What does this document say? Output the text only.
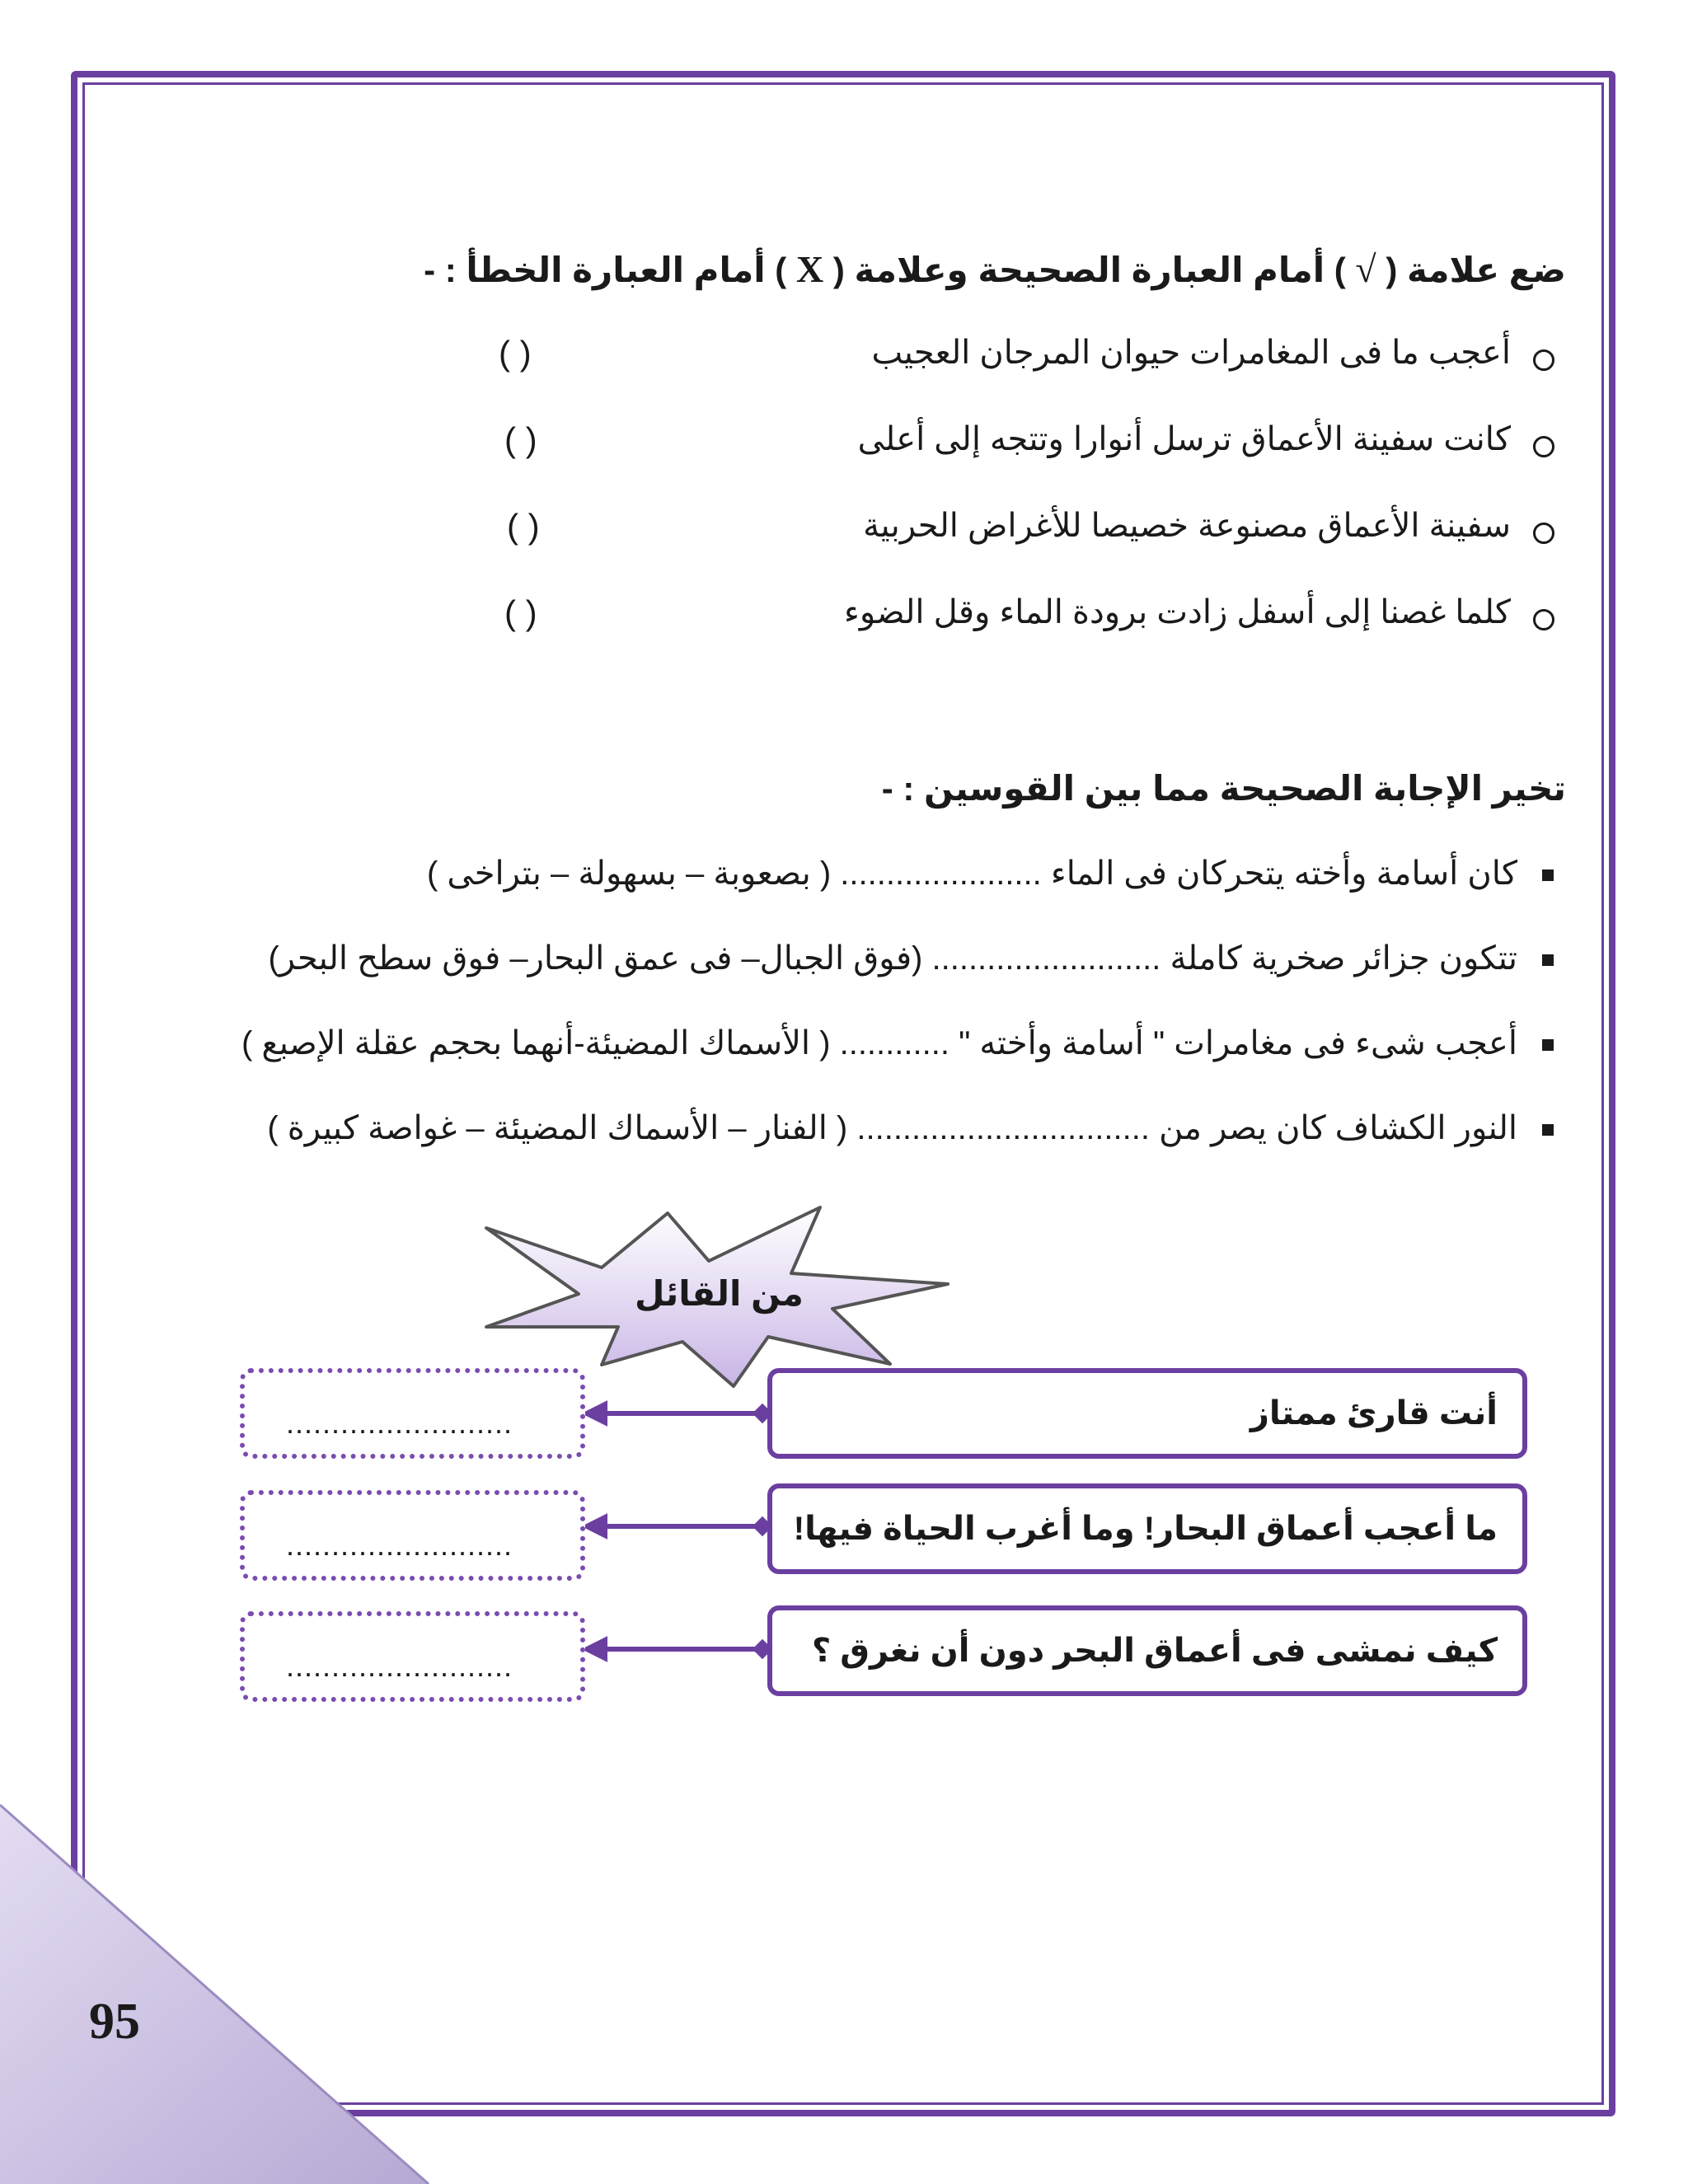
ضع علامة ( √ ) أمام العبارة الصحيحة وعلامة ( X ) أمام العبارة الخطأ : -
أعجب ما فى المغامرات حيوان المرجان العجيب
( )
كانت سفينة الأعماق ترسل أنوارا وتتجه إلى أعلى
( )
سفينة الأعماق مصنوعة خصيصا للأغراض الحربية
( )
كلما غصنا إلى أسفل زادت برودة الماء وقل الضوء
( )
تخير الإجابة الصحيحة مما بين القوسين : -
كان أسامة وأخته يتحركان فى الماء ...................... ( بصعوبة – بسهولة – بتراخى )
تتكون جزائر صخرية كاملة ......................... (فوق الجبال– فى عمق البحار– فوق سطح البحر)
أعجب شىء فى مغامرات " أسامة وأخته " ............ ( الأسماك المضيئة-أنهما بحجم عقلة الإصبع )
النور الكشاف كان يصر من ................................ ( الفنار – الأسماك المضيئة – غواصة كبيرة )
من القائل
أنت قارئ ممتاز
ما أعجب أعماق البحار! وما أغرب الحياة فيها!
كيف نمشى فى أعماق البحر دون أن نغرق ؟
.........................
.........................
.........................
95
